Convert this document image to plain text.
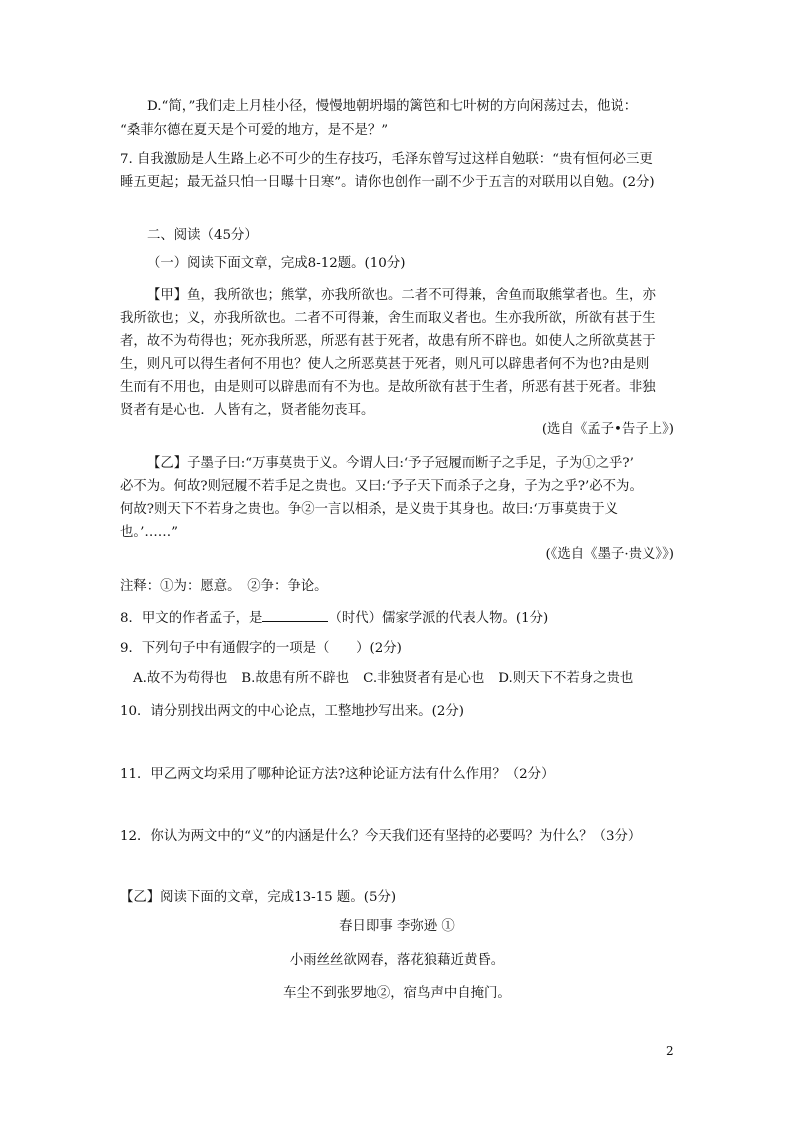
D.“简，”我们走上月桂小径，慢慢地朝坍塌的篱笆和七叶树的方向闲荡过去，他说：

“桑菲尔德在夏天是个可爱的地方，是不是？”

7. 自我激励是人生路上必不可少的生存技巧，毛泽东曾写过这样自勉联：“贵有恒何必三更

睡五更起；最无益只怕一日曝十日寒”。请你也创作一副不少于五言的对联用以自勉。(2分)

二、阅读（45分）

（一）阅读下面文章，完成8-12题。(10分)

【甲】鱼，我所欲也；熊掌，亦我所欲也。二者不可得兼，舍鱼而取熊掌者也。生，亦

我所欲也；义，亦我所欲也。二者不可得兼，舍生而取义者也。生亦我所欲，所欲有甚于生

者，故不为苟得也；死亦我所恶，所恶有甚于死者，故患有所不辟也。如使人之所欲莫甚于

生，则凡可以得生者何不用也？使人之所恶莫甚于死者，则凡可以辟患者何不为也?由是则

生而有不用也，由是则可以辟患而有不为也。是故所欲有甚于生者，所恶有甚于死者。非独

贤者有是心也．人皆有之，贤者能勿丧耳。

(选自《孟子•告子上》)

【乙】子墨子曰:“万事莫贵于义。今谓人曰:‘予子冠履而断子之手足，子为①之乎?’

必不为。何故?则冠履不若手足之贵也。又曰:‘予子天下而杀子之身，子为之乎?’必不为。

何故?则天下不若身之贵也。争②一言以相杀，是义贵于其身也。故曰:‘万事莫贵于义

也。’……”

(《选自《墨子·贵义》》)

注释：①为：愿意。　②争：争论。

8．甲文的作者孟子，是	（时代）儒家学派的代表人物。(1分)

9．下列句子中有通假字的一项是（　　）(2分)

A.故不为苟得也 B.故患有所不辟也 C.非独贤者有是心也 D.则天下不若身之贵也

10．请分别找出两文的中心论点，工整地抄写出来。(2分)

11．甲乙两文均采用了哪种论证方法?这种论证方法有什么作用？（2分）

12．你认为两文中的“义”的内涵是什么？今天我们还有坚持的必要吗？为什么？（3分）

【乙】阅读下面的文章，完成13-15 题。(5分)

春日即事 李弥逊 ①

小雨丝丝欲网春，落花狼藉近黄昏。

车尘不到张罗地②，宿鸟声中自掩门。

2
